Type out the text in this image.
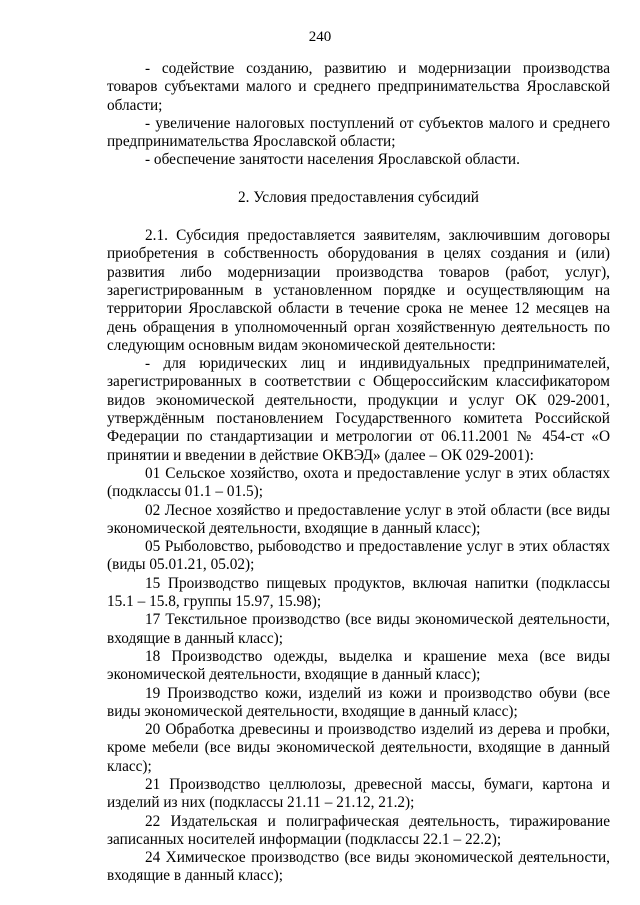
240

- содействие созданию, развитию и модернизации производства товаров субъектами малого и среднего предпринимательства Ярославской области;

- увеличение налоговых поступлений от субъектов малого и среднего предпринимательства Ярославской области;

- обеспечение занятости населения Ярославской области.

2. Условия предоставления субсидий

2.1. Субсидия предоставляется заявителям, заключившим договоры приобретения в собственность оборудования в целях создания и (или) развития либо модернизации производства товаров (работ, услуг), зарегистрированным в установленном порядке и осуществляющим на территории Ярославской области в течение срока не менее 12 месяцев на день обращения в уполномоченный орган хозяйственную деятельность по следующим основным видам экономической деятельности:

- для юридических лиц и индивидуальных предпринимателей, зарегистрированных в соответствии с Общероссийским классификатором видов экономической деятельности, продукции и услуг ОК 029-2001, утверждённым постановлением Государственного комитета Российской Федерации по стандартизации и метрологии от 06.11.2001 № 454-ст «О принятии и введении в действие ОКВЭД» (далее – ОК 029-2001):

01 Сельское хозяйство, охота и предоставление услуг в этих областях (подклассы 01.1 – 01.5);

02 Лесное хозяйство и предоставление услуг в этой области (все виды экономической деятельности, входящие в данный класс);

05 Рыболовство, рыбоводство и предоставление услуг в этих областях (виды 05.01.21, 05.02);

15 Производство пищевых продуктов, включая напитки (подклассы 15.1 – 15.8, группы 15.97, 15.98);

17 Текстильное производство (все виды экономической деятельности, входящие в данный класс);

18 Производство одежды, выделка и крашение меха (все виды экономической деятельности, входящие в данный класс);

19 Производство кожи, изделий из кожи и производство обуви (все виды экономической деятельности, входящие в данный класс);

20 Обработка древесины и производство изделий из дерева и пробки, кроме мебели (все виды экономической деятельности, входящие в данный класс);

21 Производство целлюлозы, древесной массы, бумаги, картона и изделий из них (подклассы 21.11 – 21.12, 21.2);

22 Издательская и полиграфическая деятельность, тиражирование записанных носителей информации (подклассы 22.1 – 22.2);

24 Химическое производство (все виды экономической деятельности, входящие в данный класс);
